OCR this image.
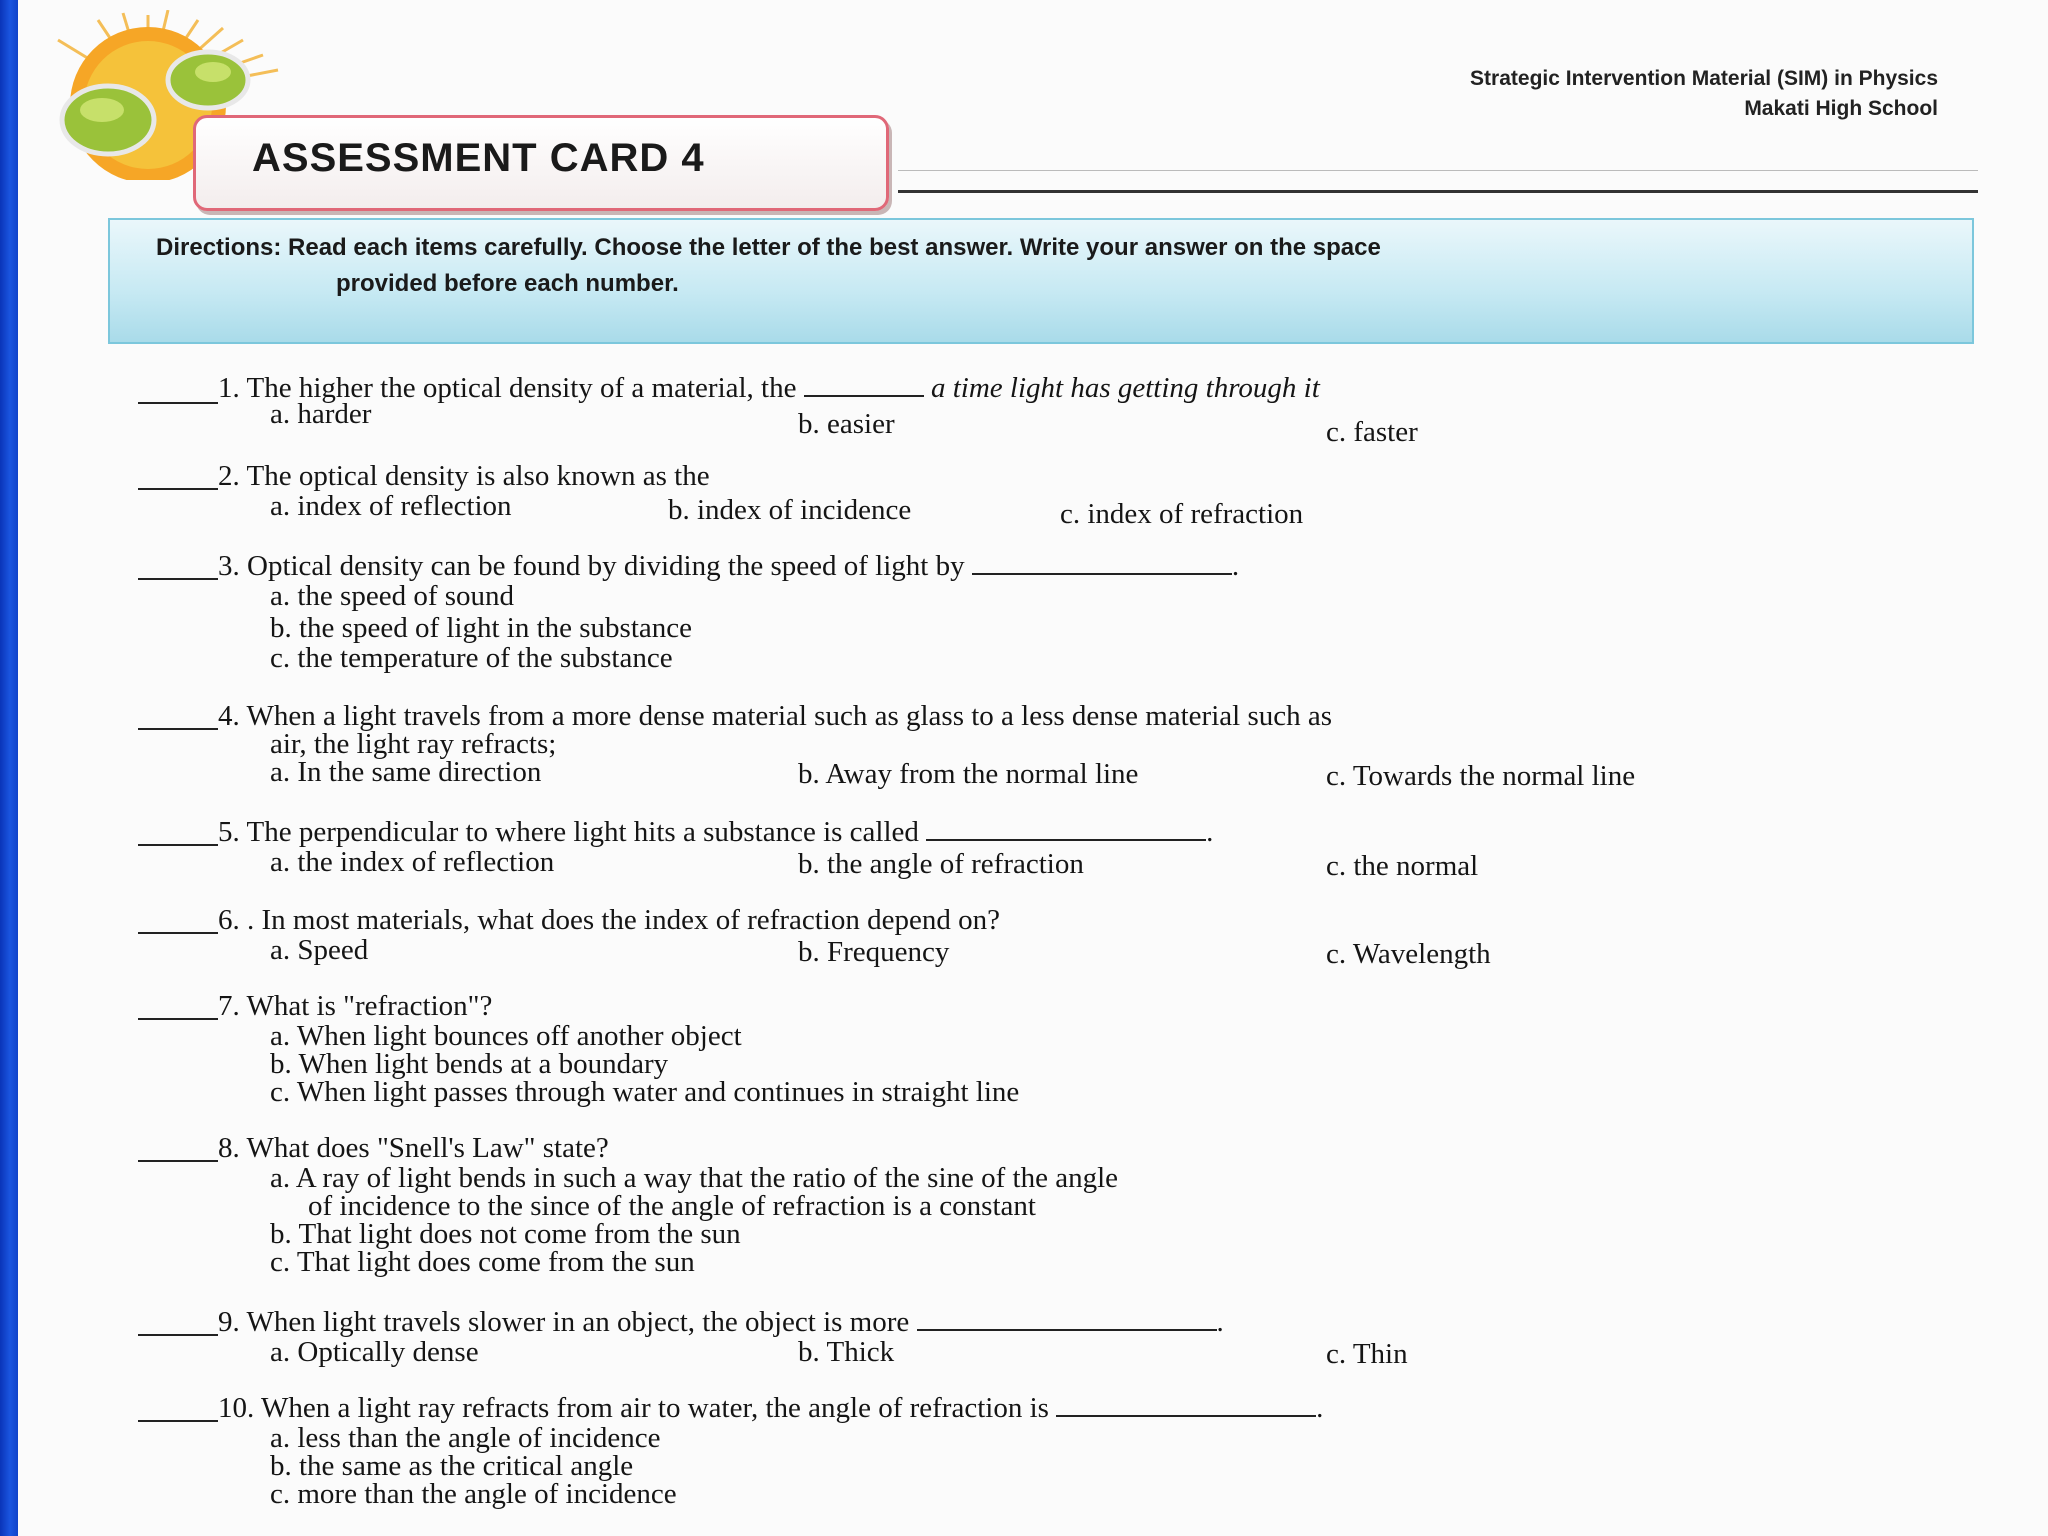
Strategic Intervention Material (SIM) in Physics
Makati High School
ASSESSMENT CARD 4
Directions: Read each items carefully. Choose the letter of the best answer. Write your answer on the space
provided before each number.
1. The higher the optical density of a material, the	a time light has getting through it
a. harder	b. easier	c. faster
2. The optical density is also known as the
a. index of reflection	b. index of incidence	c. index of refraction
3. Optical density can be found by dividing the speed of light by	.
a. the speed of sound
b. the speed of light in the substance
c. the temperature of the substance
4. When a light travels from a more dense material such as glass to a less dense material such as
air, the light ray refracts;
a. In the same direction	b. Away from the normal line	c. Towards the normal line
5. The perpendicular to where light hits a substance is called	.
a. the index of reflection	b. the angle of refraction	c. the normal
6. . In most materials, what does the index of refraction depend on?
a. Speed	b. Frequency	c. Wavelength
7. What is "refraction"?
a. When light bounces off another object
b. When light bends at a boundary
c. When light passes through water and continues in straight line
8. What does "Snell's Law" state?
a. A ray of light bends in such a way that the ratio of the sine of the angle
of incidence to the since of the angle of refraction is a constant
b. That light does not come from the sun
c. That light does come from the sun
9. When light travels slower in an object, the object is more	.
a. Optically dense	b. Thick	c. Thin
10. When a light ray refracts from air to water, the angle of refraction is	.
a. less than the angle of incidence
b. the same as the critical angle
c. more than the angle of incidence
